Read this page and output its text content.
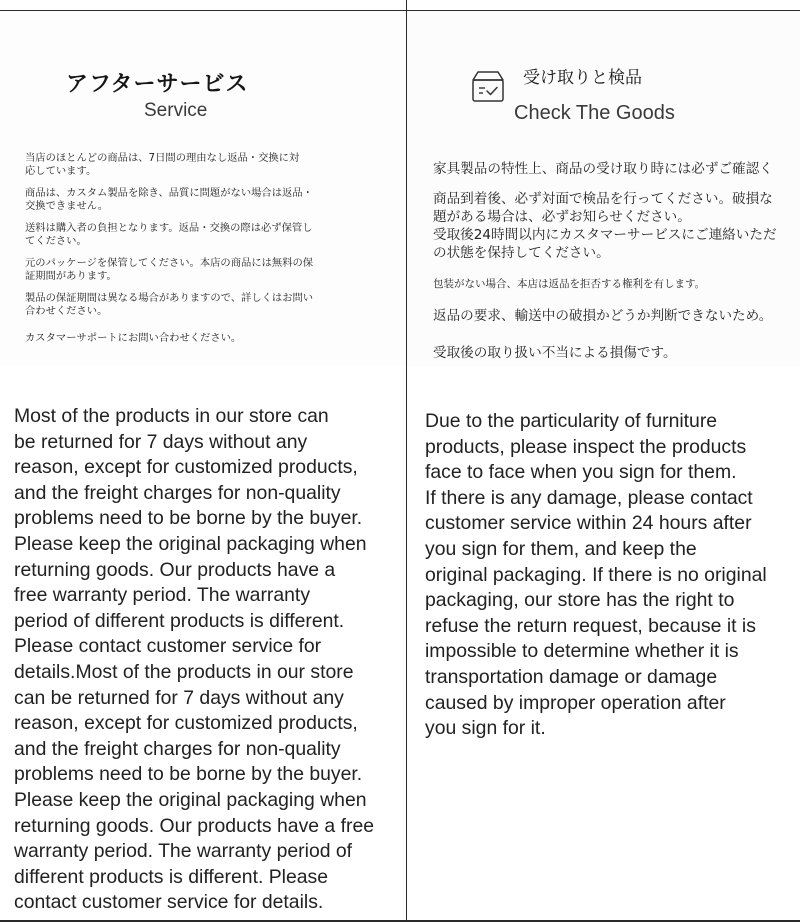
アフターサービス
Service

当店のほとんどの商品は、7日間の理由なし返品・交換に対
応しています。

商品は、カスタム製品を除き、品質に問題がない場合は返品・
交換できません。

送料は購入者の負担となります。返品・交換の際は必ず保管し
てください。

元のパッケージを保管してください。本店の商品には無料の保
証期間があります。

製品の保証期間は異なる場合がありますので、詳しくはお問い
合わせください。

カスタマーサポートにお問い合わせください。

受け取りと検品
Check The Goods

家具製品の特性上、商品の受け取り時には必ずご確認く

商品到着後、必ず対面で検品を行ってください。破損な

題がある場合は、必ずお知らせください。

受取後24時間以内にカスタマーサービスにご連絡いただ

の状態を保持してください。

包装がない場合、本店は返品を拒否する権利を有します。

返品の要求、輸送中の破損かどうか判断できないため。

受取後の取り扱い不当による損傷です。

Most of the products in our store can
be returned for 7 days without any
reason, except for customized products,
and the freight charges for non-quality
problems need to be borne by the buyer.
Please keep the original packaging when
returning goods. Our products have a
free warranty period. The warranty
period of different products is different.
Please contact customer service for
details.Most of the products in our store
can be returned for 7 days without any
reason, except for customized products,
and the freight charges for non-quality
problems need to be borne by the buyer.
Please keep the original packaging when
returning goods. Our products have a free
warranty period. The warranty period of
different products is different. Please
contact customer service for details.
Due to the particularity of furniture
products, please inspect the products
face to face when you sign for them.
If there is any damage, please contact
customer service within 24 hours after
you sign for them, and keep the
original packaging. If there is no original
packaging, our store has the right to
refuse the return request, because it is
impossible to determine whether it is
transportation damage or damage
caused by improper operation after
you sign for it.
